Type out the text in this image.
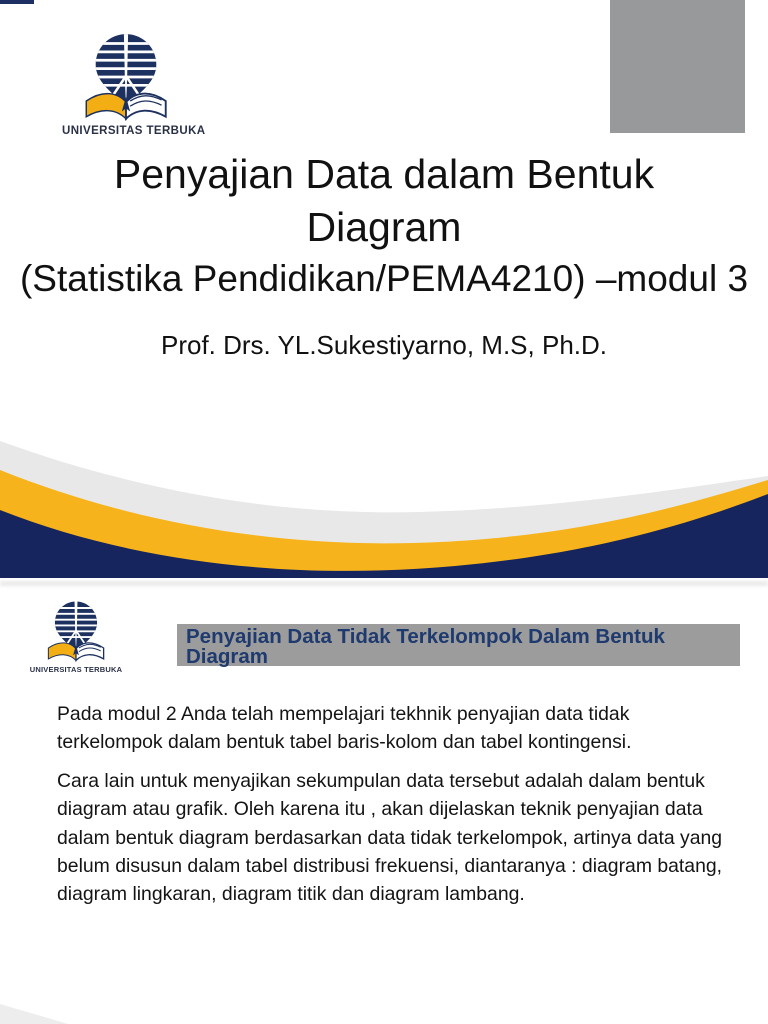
UNIVERSITAS TERBUKA
Penyajian Data dalam Bentuk
Diagram
(Statistika Pendidikan/PEMA4210) –modul 3
Prof. Drs. YL.Sukestiyarno, M.S, Ph.D.
UNIVERSITAS TERBUKA
Penyajian Data Tidak Terkelompok Dalam Bentuk Diagram

Pada modul 2 Anda telah mempelajari tekhnik penyajian data tidak terkelompok dalam bentuk tabel baris-kolom dan tabel kontingensi.

Cara lain untuk menyajikan sekumpulan data tersebut adalah dalam bentuk diagram atau grafik. Oleh karena itu , akan dijelaskan teknik penyajian data dalam bentuk diagram berdasarkan data tidak terkelompok, artinya data yang belum disusun dalam tabel distribusi frekuensi, diantaranya : diagram batang, diagram lingkaran, diagram titik dan diagram lambang.
